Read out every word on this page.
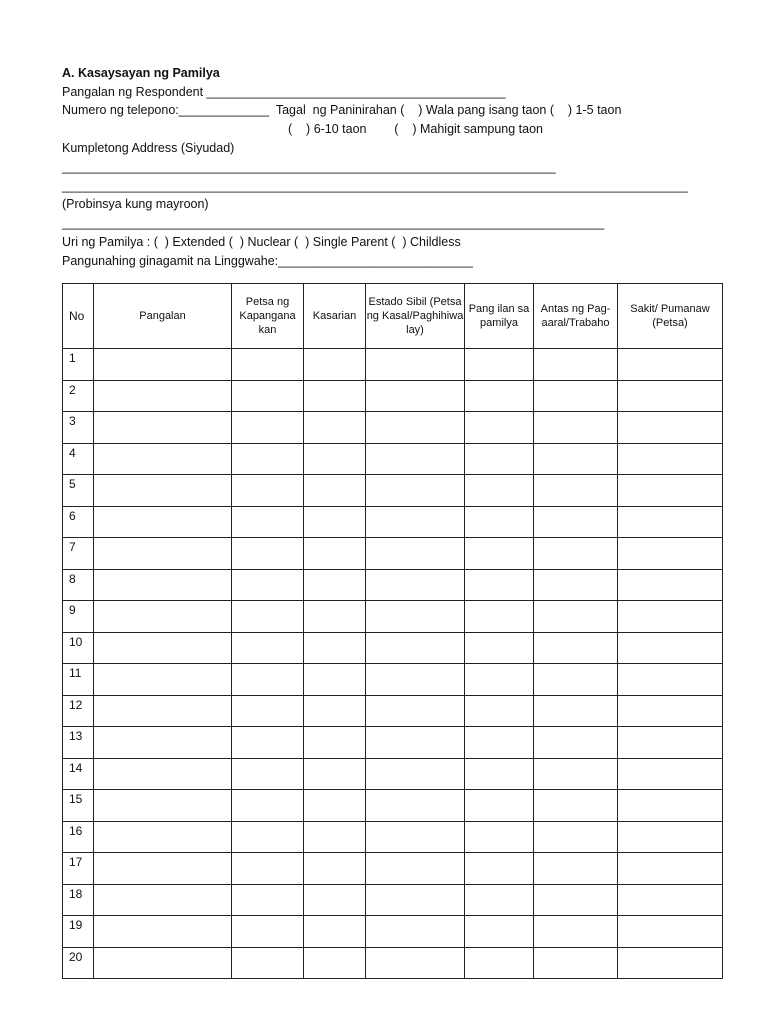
A. Kasaysayan ng Pamilya
Pangalan ng Respondent ___________________________________________
Numero ng telepono:_____________  Tagal  ng Paninirahan (    ) Wala pang isang taon (    ) 1-5 taon
(    ) 6-10 taon        (    ) Mahigit sampung taon
Kumpletong Address (Siyudad)
_______________________________________________________________________
__________________________________________________________________________________________
(Probinsya kung mayroon)
______________________________________________________________________________
Uri ng Pamilya : (  ) Extended (  ) Nuclear (  ) Single Parent (  ) Childless
Pangunahing ginagamit na Linggwahe:____________________________
No	Pangalan	Petsa ng Kapangana kan	Kasarian	Estado Sibil (Petsa ng Kasal/Paghihiwa lay)	Pang ilan sa pamilya	Antas ng Pag-aaral/Trabaho	Sakit/ Pumanaw (Petsa)
1							
2							
3							
4							
5							
6							
7							
8							
9							
10							
11							
12							
13							
14							
15							
16							
17							
18							
19							
20							
